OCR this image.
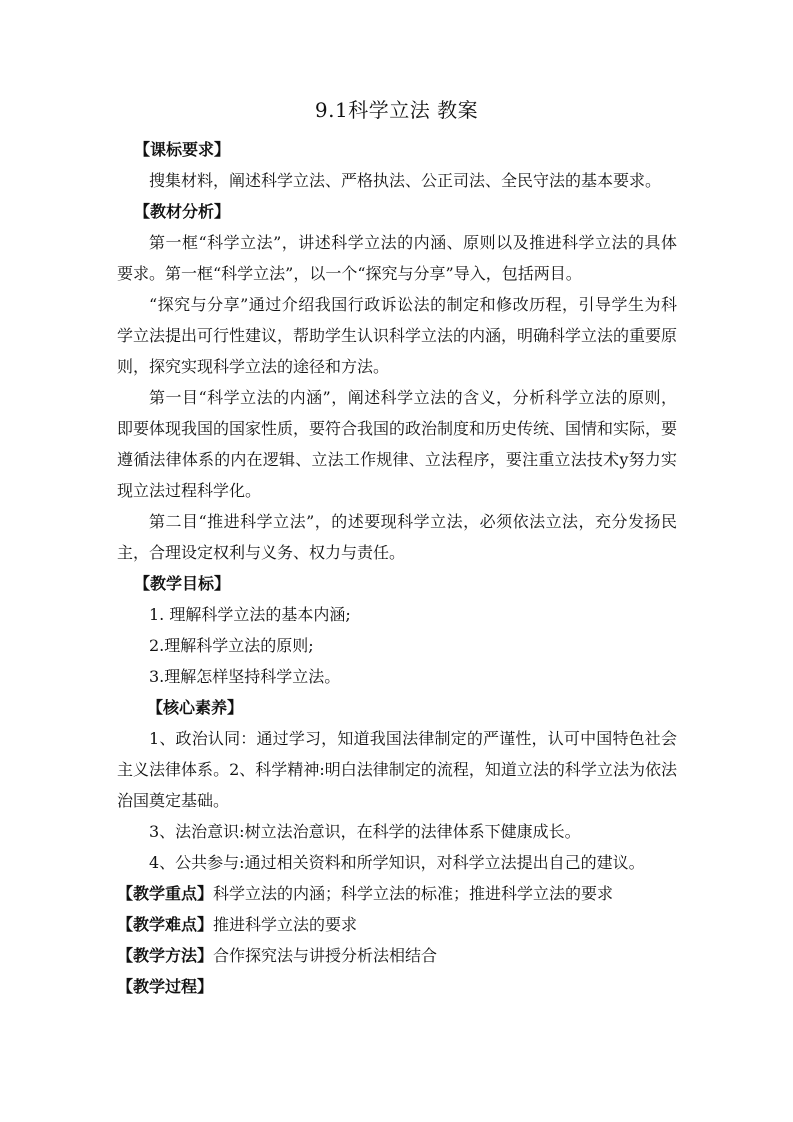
9.1科学立法 教案

【课标要求】

搜集材料，阐述科学立法、严格执法、公正司法、全民守法的基本要求。

【教材分析】

第一框“科学立法”，讲述科学立法的内涵、原则以及推进科学立法的具体要求。第一框“科学立法”，以一个“探究与分享”导入，包括两目。

“探究与分享”通过介绍我国行政诉讼法的制定和修改历程，引导学生为科学立法提出可行性建议，帮助学生认识科学立法的内涵，明确科学立法的重要原则，探究实现科学立法的途径和方法。

第一目“科学立法的内涵”，阐述科学立法的含义，分析科学立法的原则，即要体现我国的国家性质，要符合我国的政治制度和历史传统、国情和实际，要遵循法律体系的内在逻辑、立法工作规律、立法程序，要注重立法技术y努力实现立法过程科学化。

第二目“推进科学立法”，的述要现科学立法，必须依法立法，充分发扬民主，合理设定权利与义务、权力与责任。

【教学目标】

1. 理解科学立法的基本内涵;

2.理解科学立法的原则;

3.理解怎样坚持科学立法。

【核心素养】

1、政治认同：通过学习，知道我国法律制定的严谨性，认可中国特色社会主义法律体系。2、科学精神:明白法律制定的流程，知道立法的科学立法为依法治国奠定基础。

3、法治意识:树立法治意识，在科学的法律体系下健康成长。

4、公共参与:通过相关资料和所学知识，对科学立法提出自己的建议。

【教学重点】科学立法的内涵；科学立法的标准；推进科学立法的要求

【教学难点】推进科学立法的要求

【教学方法】合作探究法与讲授分析法相结合

【教学过程】
